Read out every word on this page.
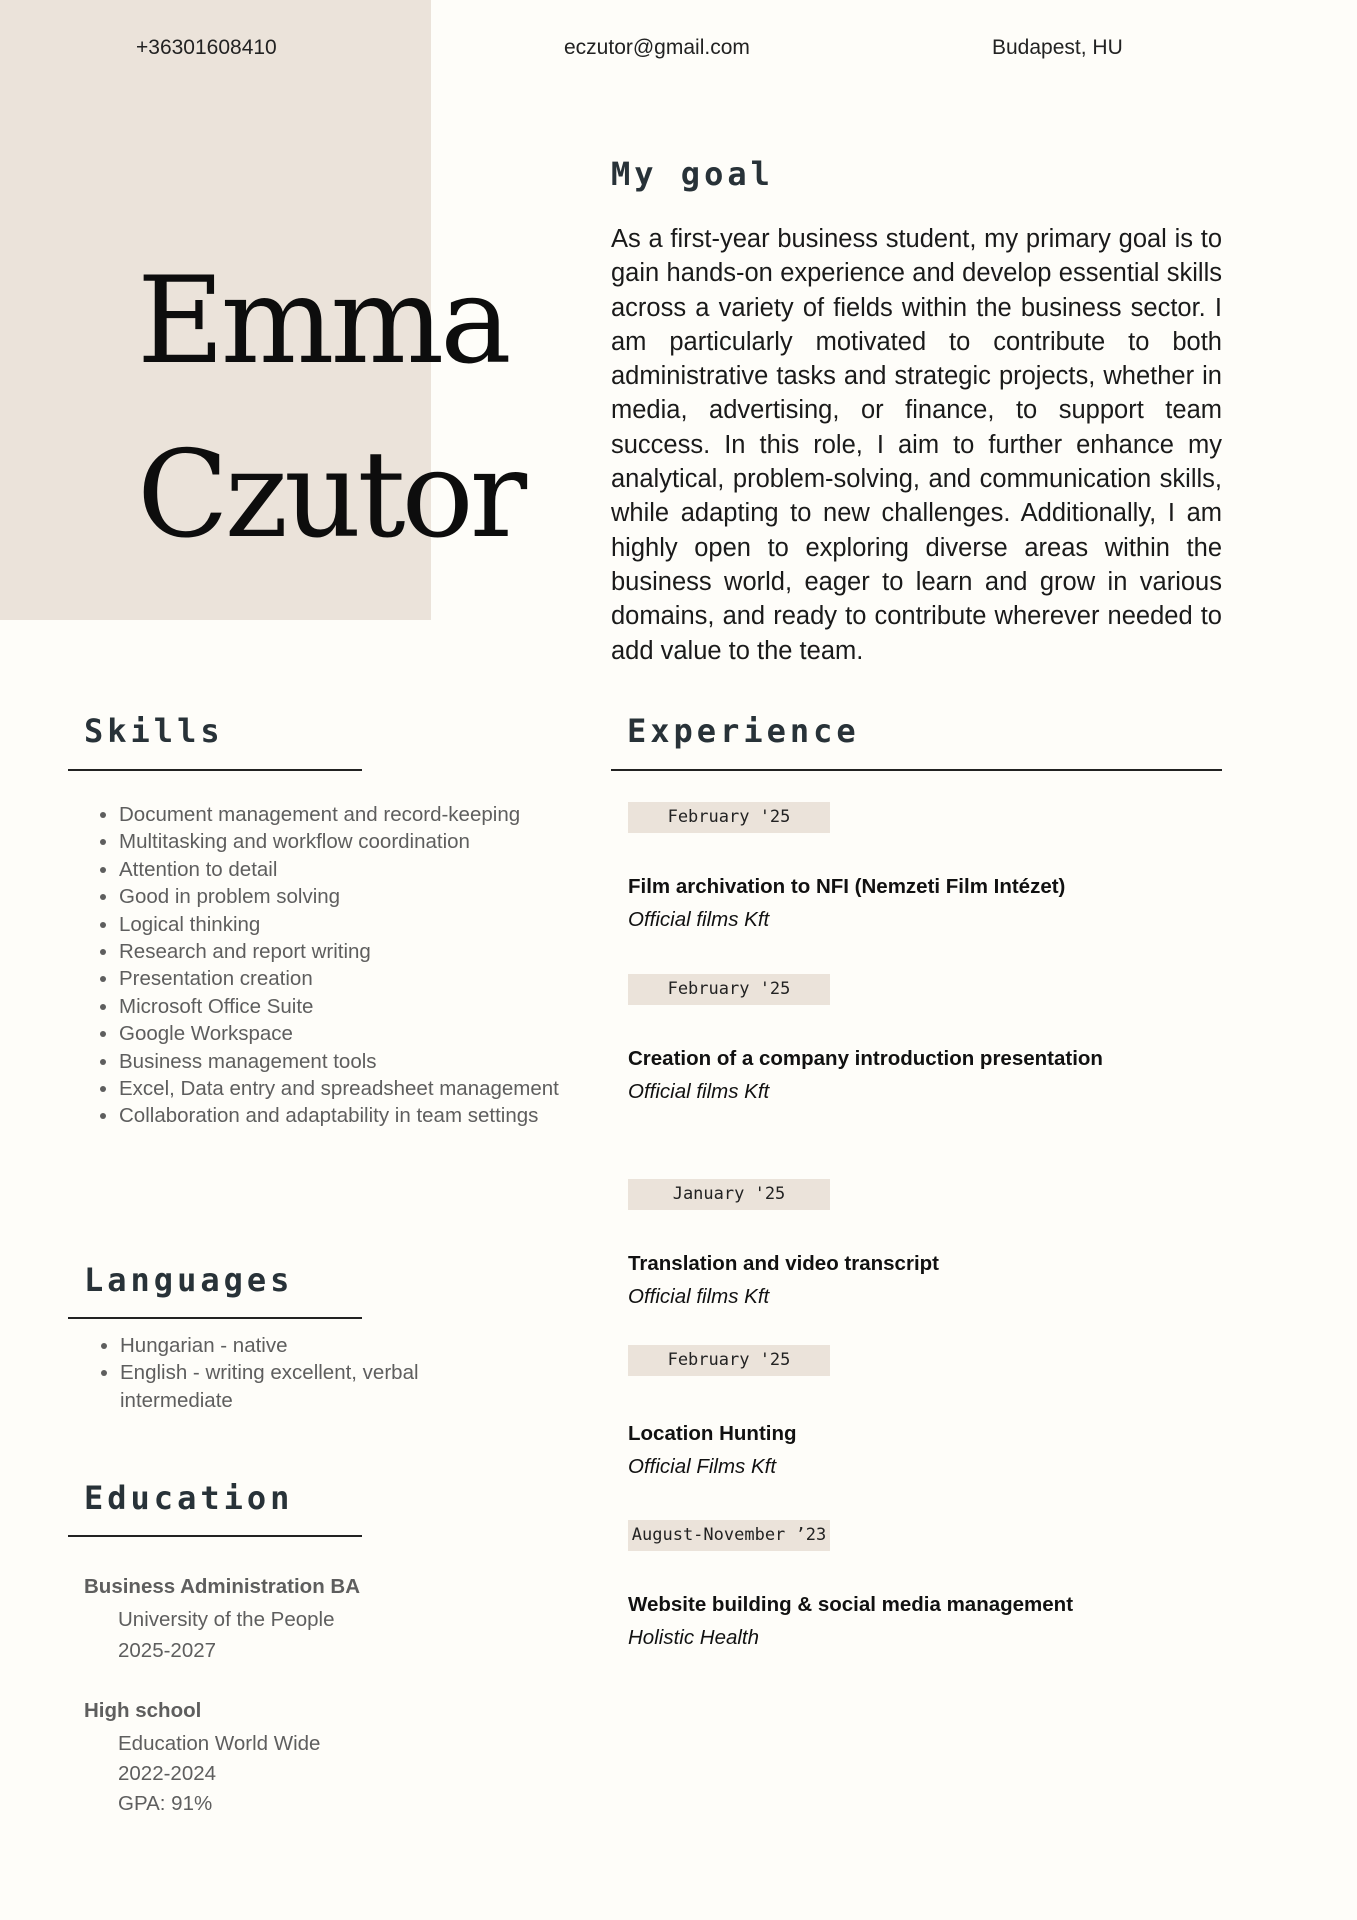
+36301608410	eczutor@gmail.com	Budapest, HU
Emma
Czutor
My goal
As a first-year business student, my primary goal is to gain hands-on experience and develop essential skills across a variety of fields within the business sector. I am particularly motivated to contribute to both administrative tasks and strategic projects, whether in media, advertising, or finance, to support team success. In this role, I aim to further enhance my analytical, problem-solving, and communication skills, while adapting to new challenges. Additionally, I am highly open to exploring diverse areas within the business world, eager to learn and grow in various domains, and ready to contribute wherever needed to add value to the team.
Skills
• Document management and record-keeping
• Multitasking and workflow coordination
• Attention to detail
• Good in problem solving
• Logical thinking
• Research and report writing
• Presentation creation
• Microsoft Office Suite
• Google Workspace
• Business management tools
• Excel, Data entry and spreadsheet management
• Collaboration and adaptability in team settings
Languages
• Hungarian - native
• English - writing excellent, verbal intermediate
Education
Business Administration BA
University of the People
2025-2027
High school
Education World Wide
2022-2024
GPA: 91%
Experience
February '25
Film archivation to NFI (Nemzeti Film Intézet)
Official films Kft
February '25
Creation of a company introduction presentation
Official films Kft
January '25
Translation and video transcript
Official films Kft
February '25
Location Hunting
Official Films Kft
August-November ’23
Website building & social media management
Holistic Health
